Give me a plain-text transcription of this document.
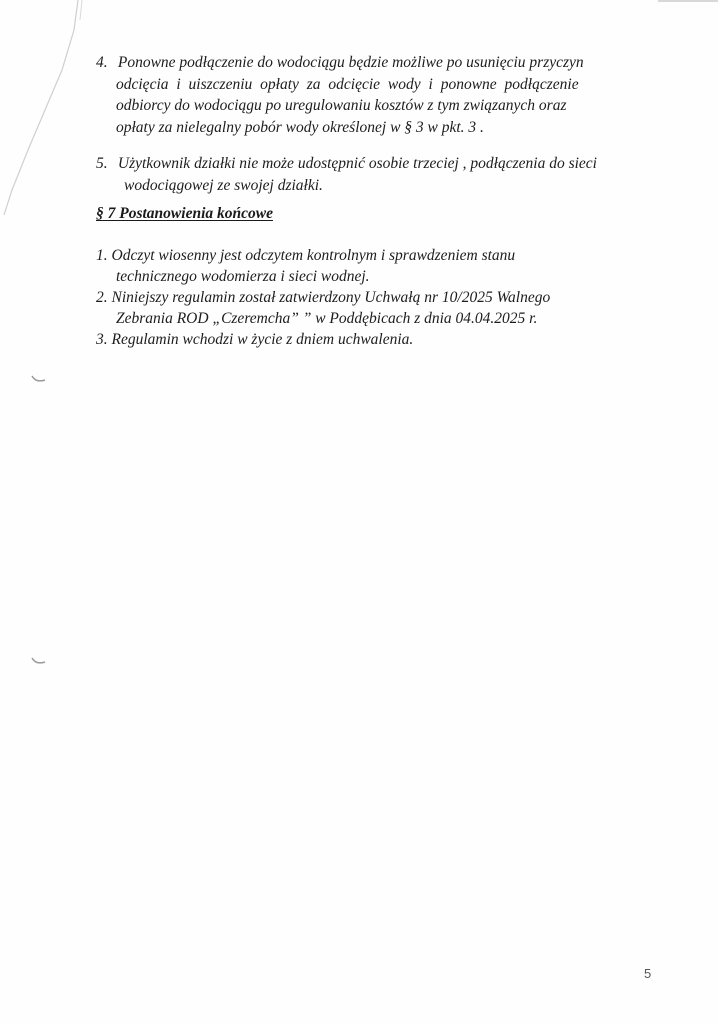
4. Ponowne podłączenie do wodociągu będzie możliwe po usunięciu przyczyn
odcięcia i uiszczeniu opłaty za odcięcie wody i ponowne podłączenie
odbiorcy do wodociągu po uregulowaniu kosztów z tym związanych oraz
opłaty za nielegalny pobór wody określonej w § 3 w pkt. 3 .
5. Użytkownik działki nie może udostępnić osobie trzeciej , podłączenia do sieci
wodociągowej ze swojej działki.
§ 7 Postanowienia końcowe
1. Odczyt wiosenny jest odczytem kontrolnym i sprawdzeniem stanu
technicznego wodomierza i sieci wodnej.
2. Niniejszy regulamin został zatwierdzony Uchwałą nr 10/2025 Walnego
Zebrania ROD „Czeremcha” ” w Poddębicach z dnia 04.04.2025 r.
3. Regulamin wchodzi w życie z dniem uchwalenia.
5
